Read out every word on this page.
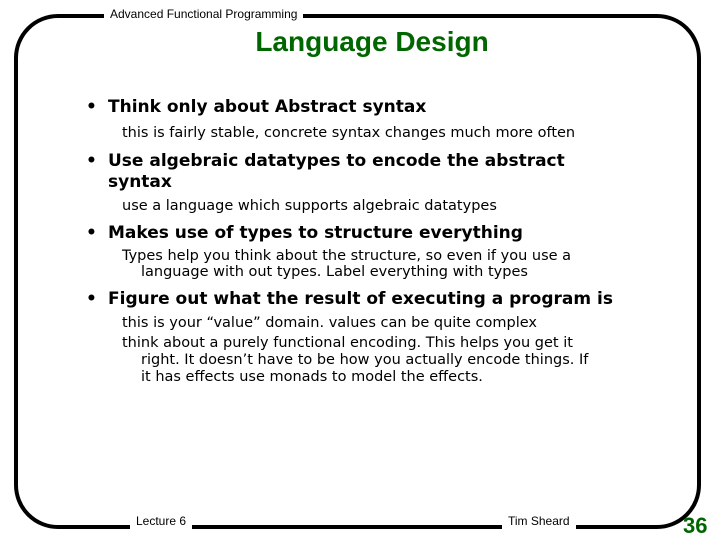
Advanced Functional Programming
Language Design
• Think only about Abstract syntax
this is fairly stable, concrete syntax changes much more often
• Use algebraic datatypes to encode the abstract
syntax
use a language which supports algebraic datatypes
• Makes use of types to structure everything
Types help you think about the structure, so even if you use a
language with out types. Label everything with types
• Figure out what the result of executing a program is
this is your “value” domain. values can be quite complex
think about a purely functional encoding. This helps you get it
right. It doesn’t have to be how you actually encode things. If
it has effects use monads to model the effects.
Lecture 6	Tim Sheard	36
